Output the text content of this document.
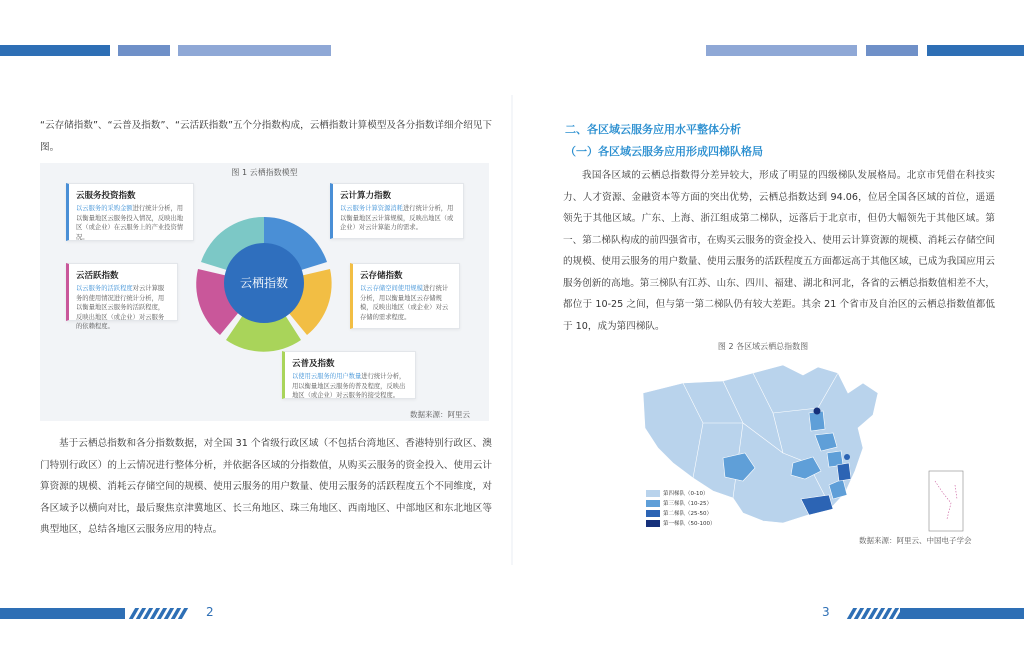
“云存储指数”、“云普及指数”、“云活跃指数”五个分指数构成，云栖指数计算模型及各分指数详细介绍见下图。
图 1 云栖指数模型
云栖指数
云服务投资指数
以云服务的采购金额进行统计分析，用以衡量地区云服务投入情况，反映出地区（或企业）在云服务上的产业投资情况。
云计算力指数
以云服务计算资源消耗进行统计分析，用以衡量地区云计算规模，反映出地区（或企业）对云计算能力的需求。
云活跃指数
以云服务的活跃程度对云计算服务的使用情况进行统计分析，用以衡量地区云服务的活跃程度，反映出地区（或企业）对云服务的依赖程度。
云存储指数
以云存储空间使用规模进行统计分析，用以衡量地区云存储规模，反映出地区（或企业）对云存储的需求程度。
云普及指数
以使用云服务的用户数量进行统计分析，用以衡量地区云服务的普及程度，反映出地区（或企业）对云服务的接受程度。
数据来源：阿里云
基于云栖总指数和各分指数数据，对全国 31 个省级行政区域（不包括台湾地区、香港特别行政区、澳门特别行政区）的上云情况进行整体分析，并依据各区域的分指数值，从购买云服务的资金投入、使用云计算资源的规模、消耗云存储空间的规模、使用云服务的用户数量、使用云服务的活跃程度五个不同维度，对各区域予以横向对比，最后聚焦京津冀地区、长三角地区、珠三角地区、西南地区、中部地区和东北地区等典型地区，总结各地区云服务应用的特点。
二、各区域云服务应用水平整体分析
（一）各区域云服务应用形成四梯队格局
我国各区域的云栖总指数得分差异较大，形成了明显的四级梯队发展格局。北京市凭借在科技实力、人才资源、金融资本等方面的突出优势，云栖总指数达到 94.06，位居全国各区域的首位，遥遥领先于其他区域。广东、上海、浙江组成第二梯队，远落后于北京市，但仍大幅领先于其他区域。第一、第二梯队构成的前四强省市，在购买云服务的资金投入、使用云计算资源的规模、消耗云存储空间的规模、使用云服务的用户数量、使用云服务的活跃程度五方面都远高于其他区域，已成为我国应用云服务创新的高地。第三梯队有江苏、山东、四川、福建、湖北和河北，各省的云栖总指数值相差不大，都位于 10-25 之间，但与第一第二梯队仍有较大差距。其余 21 个省市及自治区的云栖总指数值都低于 10，成为第四梯队。
图 2 各区域云栖总指数图
第四梯队（0-10）
第三梯队（10-25）
第二梯队（25-50）
第一梯队（50-100）
数据来源：阿里云、中国电子学会
2	3
